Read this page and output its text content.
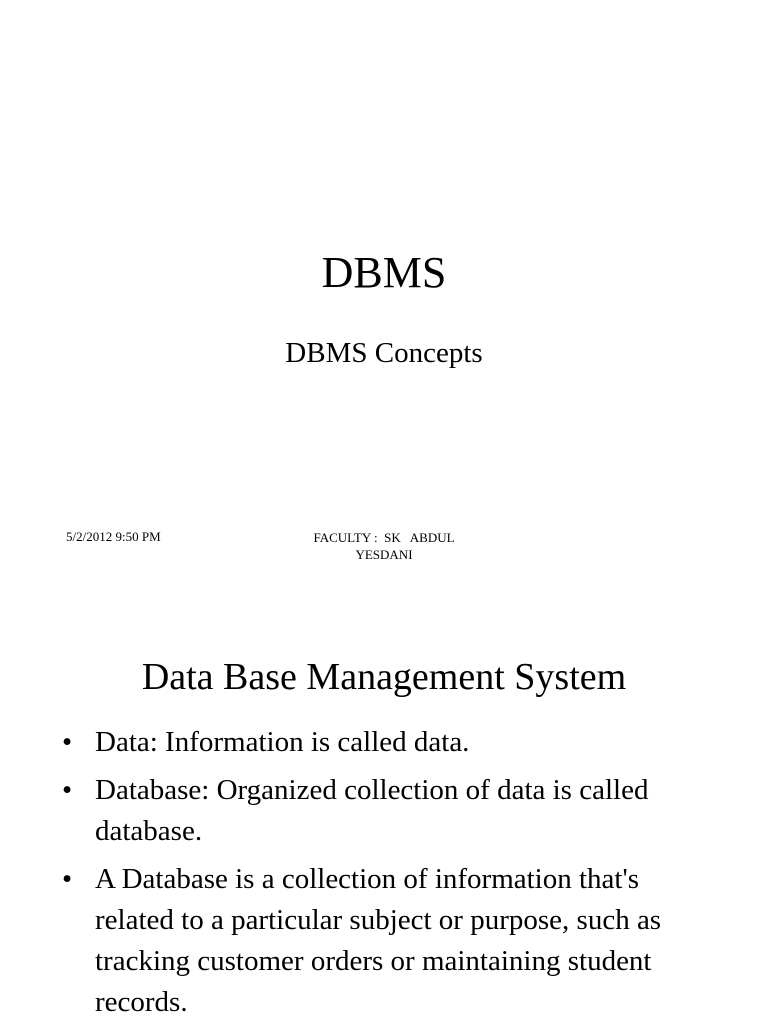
DBMS
DBMS Concepts
5/2/2012 9:50 PM	FACULTY :  SK   ABDUL
YESDANI
Data Base Management System
• Data: Information is called data.
• Database: Organized collection of data is called database.
• A Database is a collection of information that's related to a particular subject or purpose, such as tracking customer orders or maintaining student records.
